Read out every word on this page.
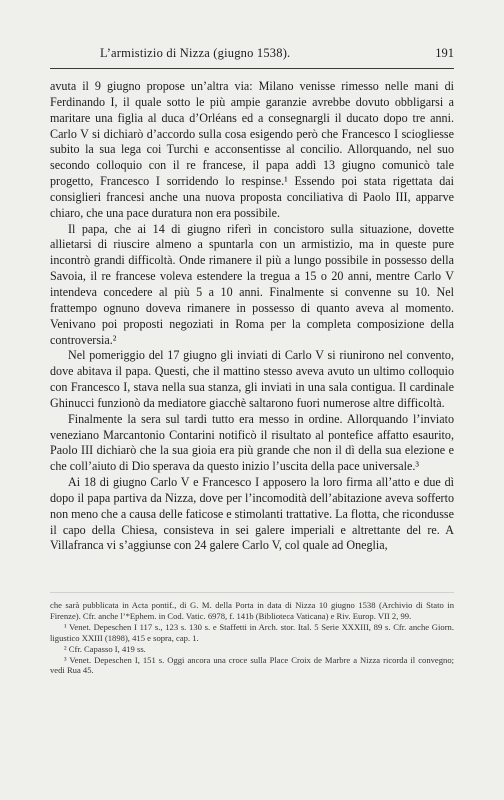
L’armistizio di Nizza (giugno 1538).	191

avuta il 9 giugno propose un’altra via: Milano venisse rimesso nelle mani di Ferdinando I, il quale sotto le più ampie garanzie avrebbe dovuto obbligarsi a maritare una figlia al duca d’Orléans ed a consegnargli il ducato dopo tre anni. Carlo V si dichiarò d’accordo sulla cosa esigendo però che Francesco I sciogliesse subito la sua lega coi Turchi e acconsentisse al concilio. Allorquando, nel suo secondo colloquio con il re francese, il papa addì 13 giugno comunicò tale progetto, Francesco I sorridendo lo respinse.¹ Essendo poi stata rigettata dai consiglieri francesi anche una nuova proposta conciliativa di Paolo III, apparve chiaro, che una pace duratura non era possibile.

Il papa, che ai 14 di giugno riferì in concistoro sulla situazione, dovette allietarsi di riuscire almeno a spuntarla con un armistizio, ma in queste pure incontrò grandi difficoltà. Onde rimanere il più a lungo possibile in possesso della Savoia, il re francese voleva estendere la tregua a 15 o 20 anni, mentre Carlo V intendeva concedere al più 5 a 10 anni. Finalmente si convenne su 10. Nel frattempo ognuno doveva rimanere in possesso di quanto aveva al momento. Venivano poi proposti negoziati in Roma per la completa composizione della controversia.²

Nel pomeriggio del 17 giugno gli inviati di Carlo V si riunirono nel convento, dove abitava il papa. Questi, che il mattino stesso aveva avuto un ultimo colloquio con Francesco I, stava nella sua stanza, gli inviati in una sala contigua. Il cardinale Ghinucci funzionò da mediatore giacchè saltarono fuori numerose altre difficoltà.

Finalmente la sera sul tardi tutto era messo in ordine. Allorquando l’inviato veneziano Marcantonio Contarini notificò il risultato al pontefice affatto esaurito, Paolo III dichiarò che la sua gioia era più grande che non il dì della sua elezione e che coll’aiuto di Dio sperava da questo inizio l’uscita della pace universale.³

Ai 18 di giugno Carlo V e Francesco I apposero la loro firma all’atto e due dì dopo il papa partiva da Nizza, dove per l’incomodità dell’abitazione aveva sofferto non meno che a causa delle faticose e stimolanti trattative. La flotta, che ricondusse il capo della Chiesa, consisteva in sei galere imperiali e altrettante del re. A Villafranca vi s’aggiunse con 24 galere Carlo V, col quale ad Oneglia,

che sarà pubblicata in Acta pontif., di G. M. della Porta in data di Nizza 10 giugno 1538 (Archivio di Stato in Firenze). Cfr. anche l’*Ephem. in Cod. Vatic. 6978, f. 141b (Biblioteca Vaticana) e Riv. Europ. VII 2, 99.

¹ Venet. Depeschen I 117 s., 123 s. 130 s. e Staffetti in Arch. stor. Ital. 5 Serie XXXIII, 89 s. Cfr. anche Giorn. ligustico XXIII (1898), 415 e sopra, cap. 1.

² Cfr. Capasso I, 419 ss.

³ Venet. Depeschen I, 151 s. Oggi ancora una croce sulla Place Croix de Marbre a Nizza ricorda il convegno; vedi Rua 45.
